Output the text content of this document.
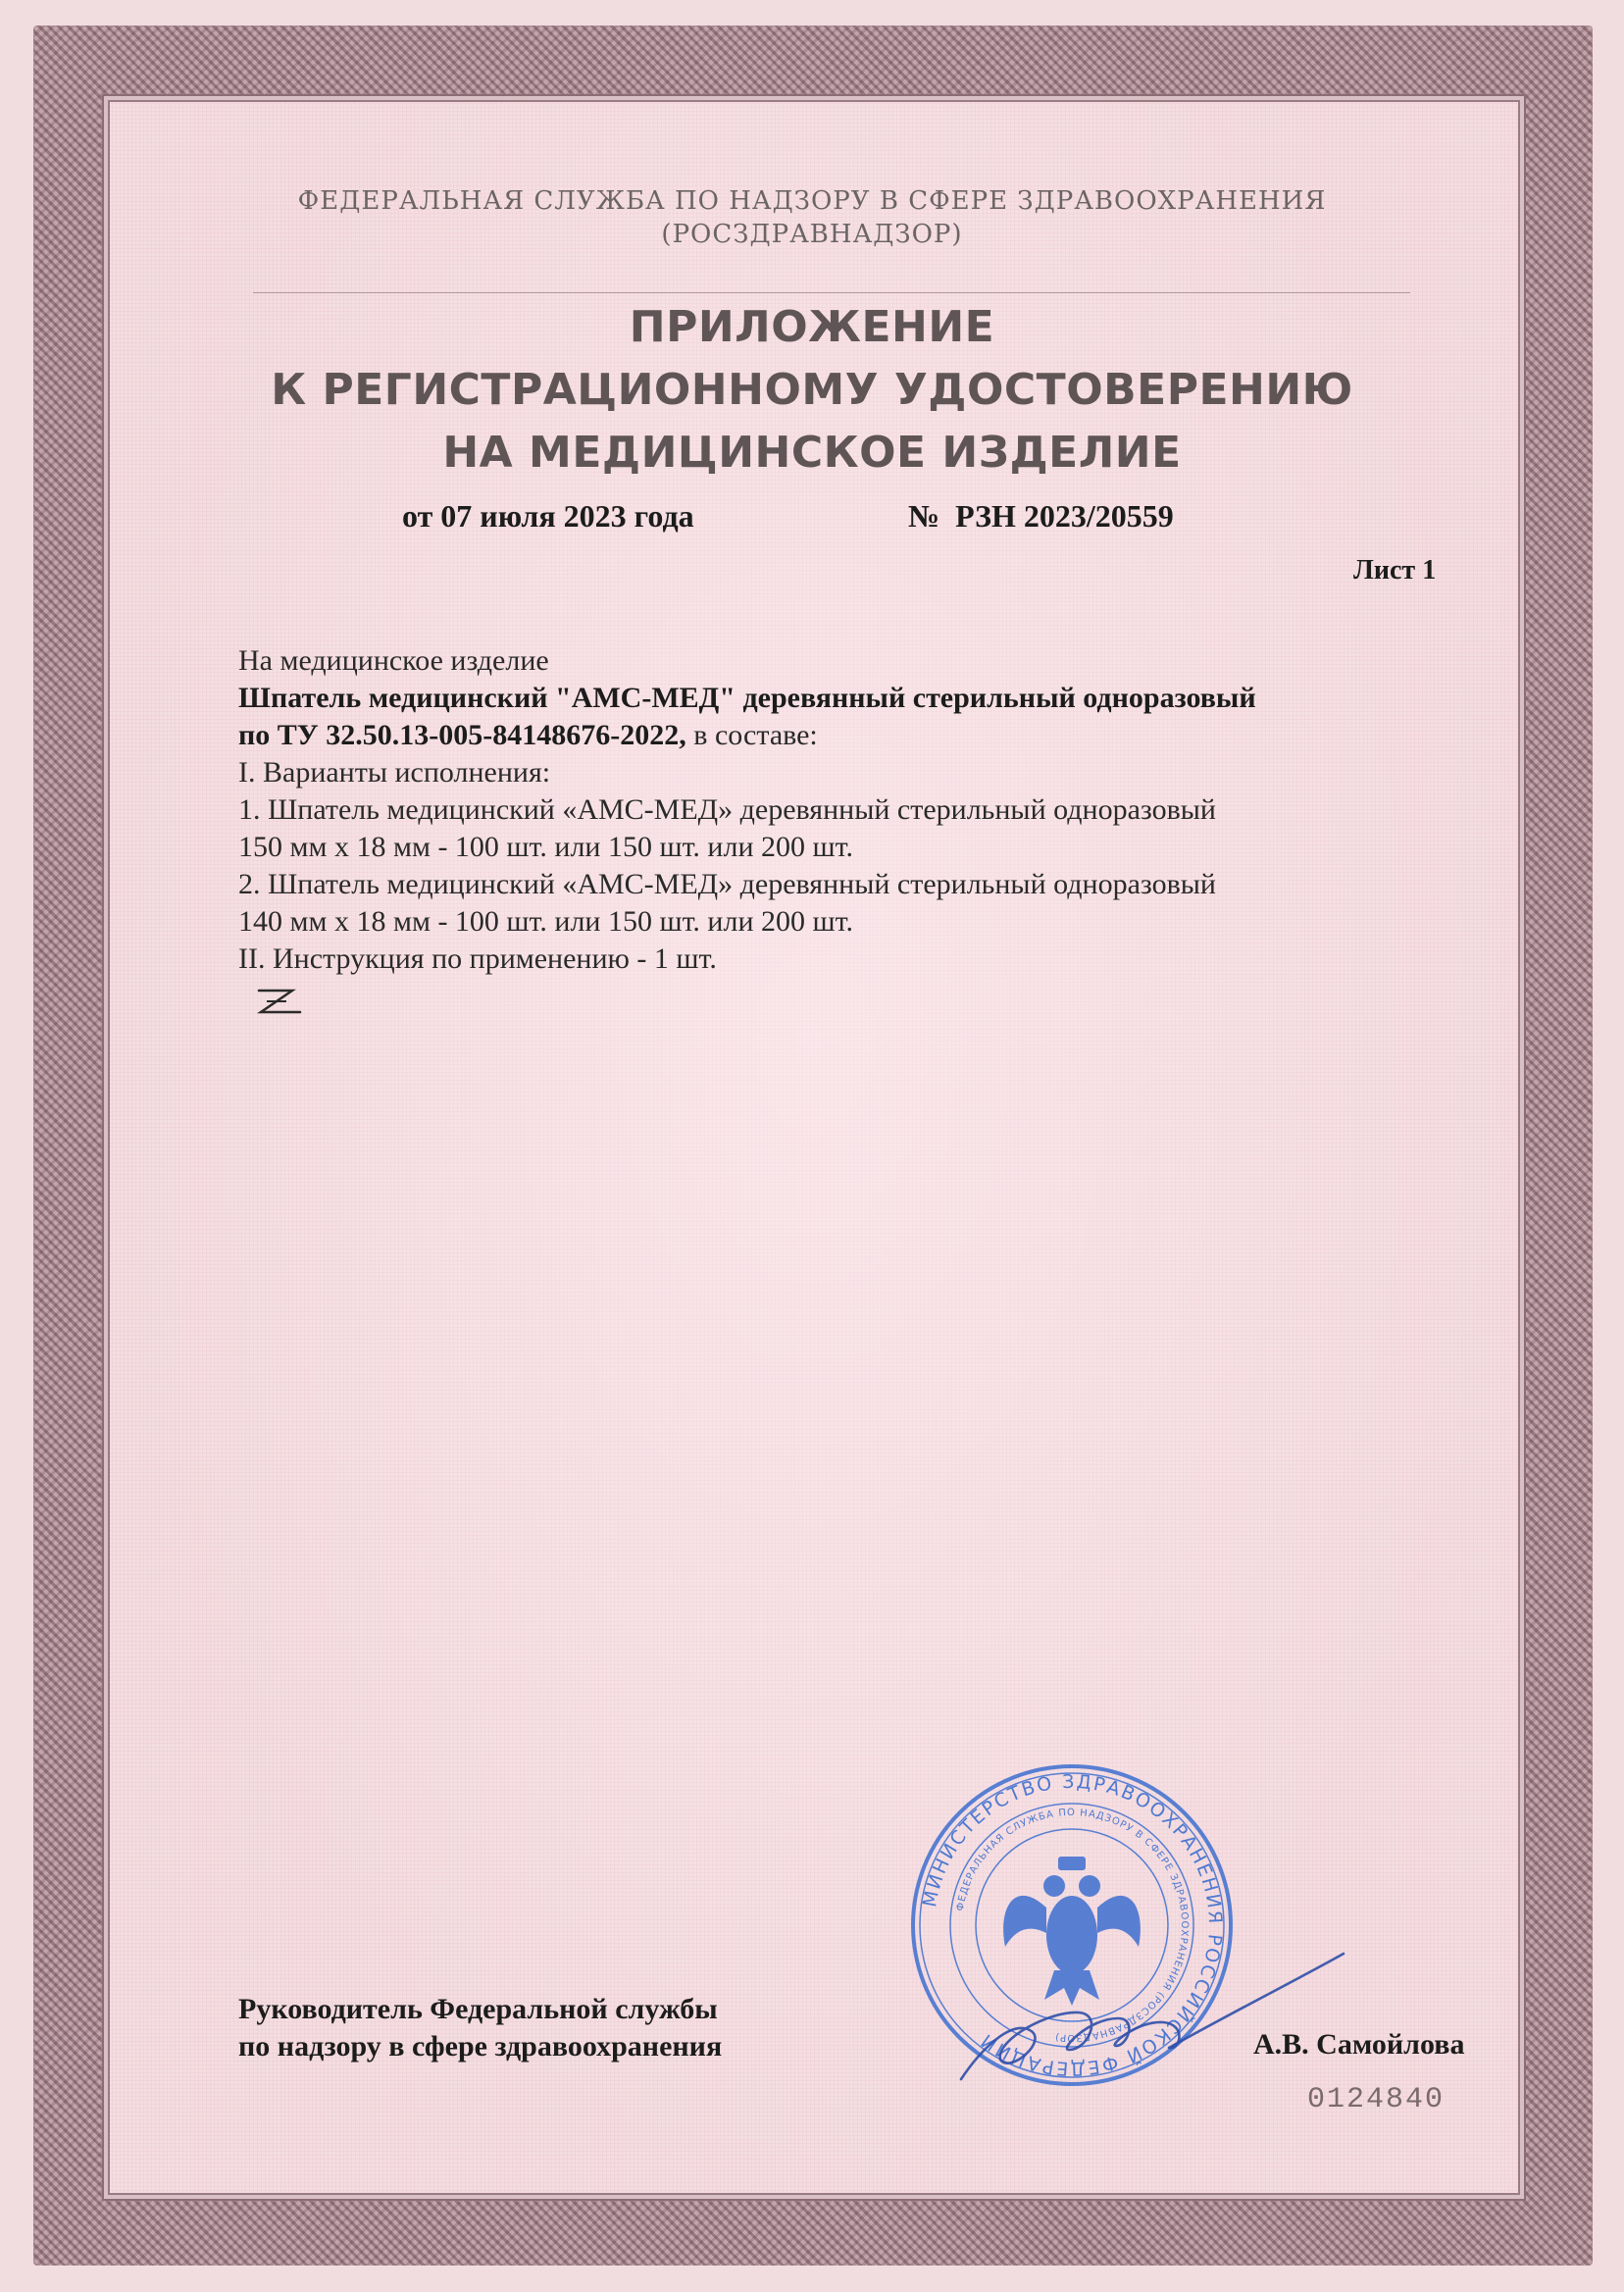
ФЕДЕРАЛЬНАЯ СЛУЖБА ПО НАДЗОРУ В СФЕРЕ ЗДРАВООХРАНЕНИЯ
(РОСЗДРАВНАДЗОР)
ПРИЛОЖЕНИЕ
К РЕГИСТРАЦИОННОМУ УДОСТОВЕРЕНИЮ
НА МЕДИЦИНСКОЕ ИЗДЕЛИЕ
от 07 июля 2023 года	№ РЗН 2023/20559
Лист 1
На медицинское изделие
Шпатель медицинский "АМС-МЕД" деревянный стерильный одноразовый
по ТУ 32.50.13-005-84148676-2022, в составе:
I. Варианты исполнения:
1. Шпатель медицинский «АМС-МЕД» деревянный стерильный одноразовый
150 мм х 18 мм - 100 шт. или 150 шт. или 200 шт.
2. Шпатель медицинский «АМС-МЕД» деревянный стерильный одноразовый
140 мм х 18 мм - 100 шт. или 150 шт. или 200 шт.
II. Инструкция по применению - 1 шт.
Руководитель Федеральной службы
по надзору в сфере здравоохранения
МИНИСТЕРСТВО ЗДРАВООХРАНЕНИЯ РОССИЙСКОЙ ФЕДЕРАЦИИ
ФЕДЕРАЛЬНАЯ СЛУЖБА ПО НАДЗОРУ В СФЕРЕ ЗДРАВООХРАНЕНИЯ (РОСЗДРАВНАДЗОР)	А.В. Самойлова
0124840
